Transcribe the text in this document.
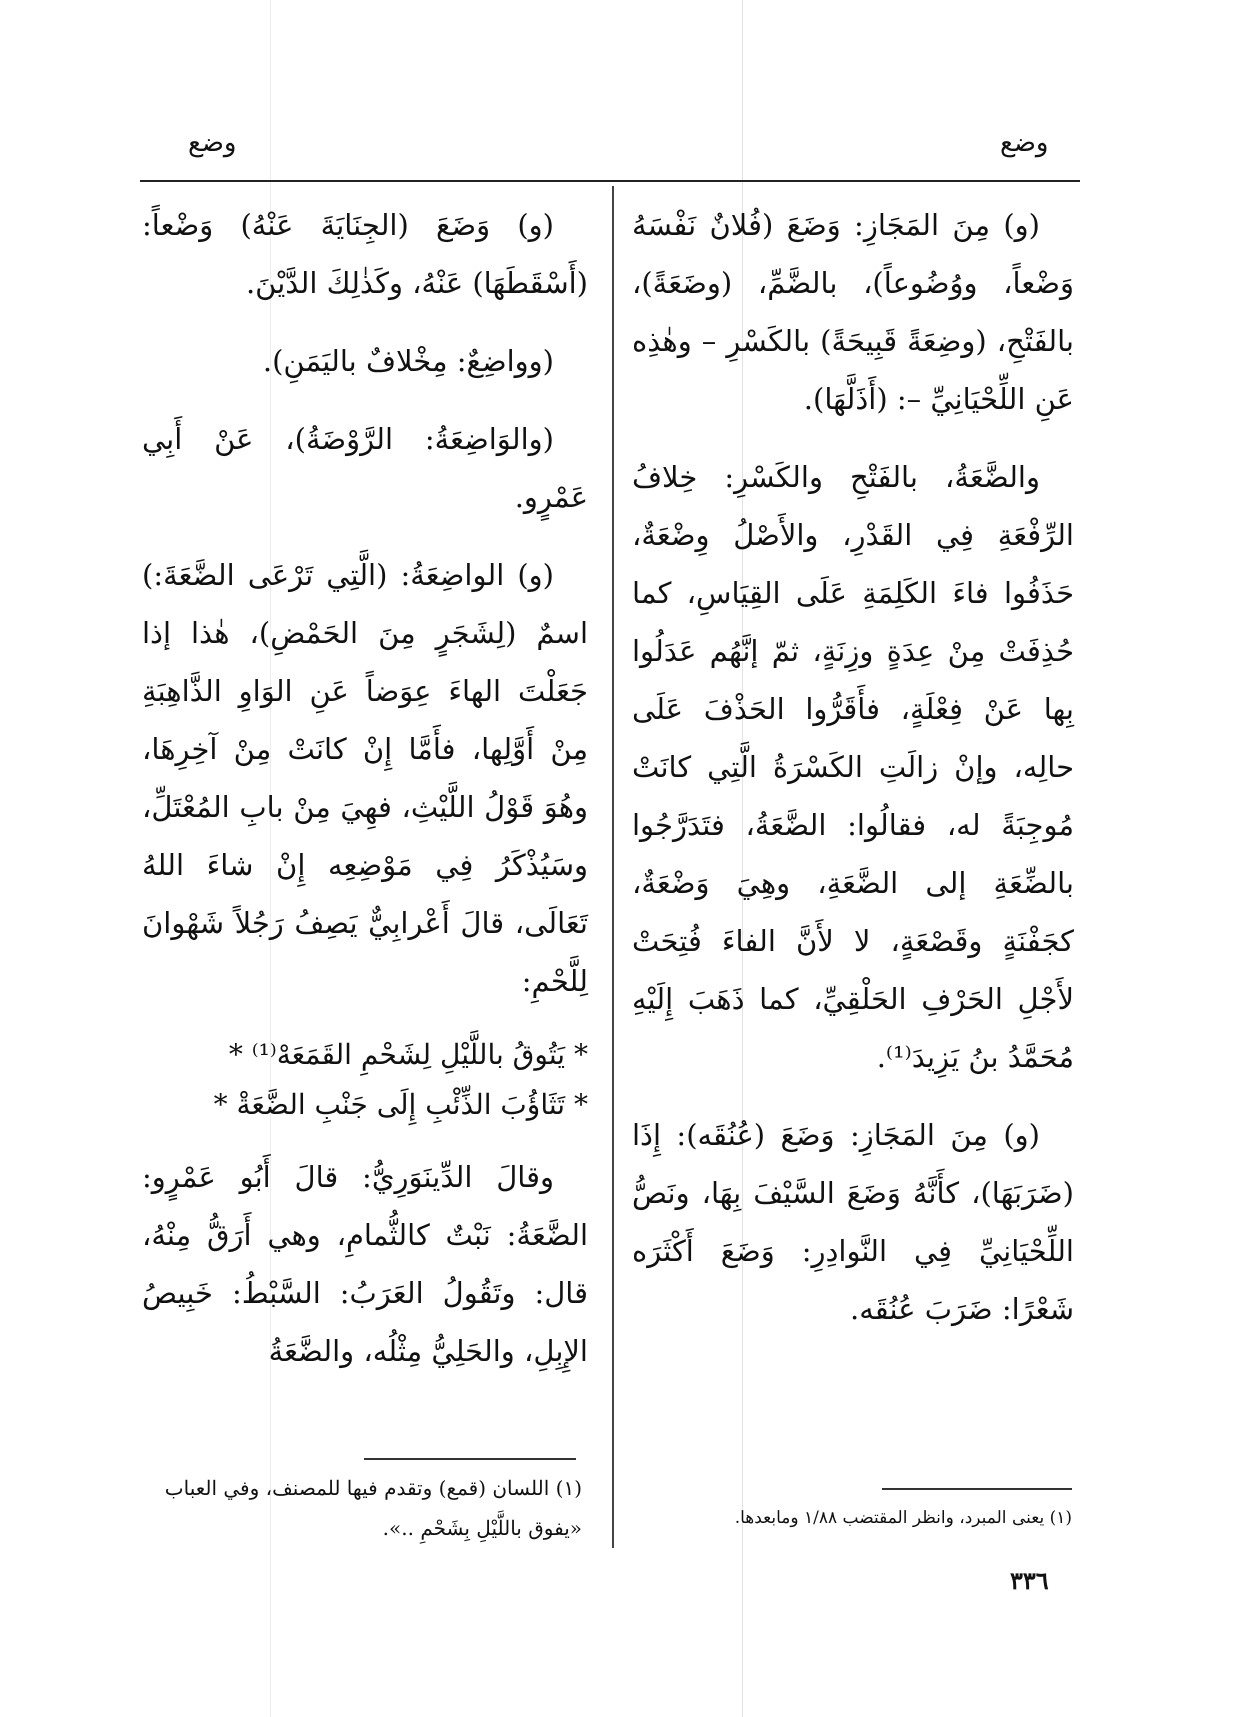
وضع
وضع

(و) مِنَ المَجَازِ: وَضَعَ (فُلانٌ نَفْسَهُ وَضْعاً، ووُضُوعاً)، بالضَّمِّ، (وضَعَةً)، بالفَتْحِ، (وضِعَةً قَبِيحَةً) بالكَسْرِ – وهٰذِه عَنِ اللِّحْيَانِيِّ –: (أَذَلَّهَا).

والضَّعَةُ، بالفَتْحِ والكَسْرِ: خِلافُ الرِّفْعَةِ فِي القَدْرِ، والأَصْلُ وِضْعَةٌ، حَذَفُوا فاءَ الكَلِمَةِ عَلَى القِيَاسِ، كما حُذِفَتْ مِنْ عِدَةٍ وزِنَةٍ، ثمّ إنَّهُم عَدَلُوا بِها عَنْ فِعْلَةٍ، فأَقَرُّوا الحَذْفَ عَلَى حالِه، وإنْ زالَتِ الكَسْرَةُ الَّتِي كانَتْ مُوجِبَةً له، فقالُوا: الضَّعَةُ، فتَدَرَّجُوا بالضِّعَةِ إلى الضَّعَةِ، وهِيَ وَضْعَةٌ، كجَفْنَةٍ وقَصْعَةٍ، لا لأَنَّ الفاءَ فُتِحَتْ لأَجْلِ الحَرْفِ الحَلْقِيِّ، كما ذَهَبَ إِلَيْهِ مُحَمَّدُ بنُ يَزِيدَ⁽¹⁾.

(و) مِنَ المَجَازِ: وَضَعَ (عُنُقَه): إِذَا (ضَرَبَهَا)، كأَنَّهُ وَضَعَ السَّيْفَ بِهَا، ونَصُّ اللِّحْيَانِيِّ فِي النَّوادِرِ: وَضَعَ أَكْثَرَه شَعْرًا: ضَرَبَ عُنُقَه.

(و) وَضَعَ (الجِنَايَةَ عَنْهُ) وَضْعاً: (أَسْقَطَهَا) عَنْهُ، وكَذٰلِكَ الدَّيْنَ.

(وواضِعٌ: مِخْلافٌ باليَمَنِ).

(والوَاضِعَةُ: الرَّوْضَةُ)، عَنْ أَبِي عَمْرٍو.

(و) الواضِعَةُ: (الَّتِي تَرْعَى الضَّعَةَ:) اسمٌ (لِشَجَرٍ مِنَ الحَمْضِ)، هٰذا إذا جَعَلْتَ الهاءَ عِوَضاً عَنِ الوَاوِ الذَّاهِبَةِ مِنْ أَوَّلِها، فأَمَّا إِنْ كانَتْ مِنْ آخِرِهَا، وهُوَ قَوْلُ اللَّيْثِ، فهِيَ مِنْ بابِ المُعْتَلِّ، وسَيُذْكَرُ فِي مَوْضِعِه إِنْ شاءَ اللهُ تَعَالَى، قالَ أَعْرابِيٌّ يَصِفُ رَجُلاً شَهْوانَ لِلَّحْمِ:

* يَتُوقُ باللَّيْلِ لِشَحْمِ القَمَعَهْ⁽¹⁾ *

* تَثَاؤُبَ الذِّئْبِ إِلَى جَنْبِ الضَّعَةْ *

وقالَ الدِّينَوَرِيُّ: قالَ أَبُو عَمْرٍو: الضَّعَةُ: نَبْتٌ كالثُّمامِ، وهي أَرَقُّ مِنْهُ، قال: وتَقُولُ العَرَبُ: السَّبْطُ: خَبِيصُ الإِبِلِ، والحَلِيُّ مِثْلُه، والضَّعَةُ

(١) يعنى المبرد، وانظر المقتضب ١/٨٨ ومابعدها.
(١) اللسان (قمع) وتقدم فيها للمصنف، وفي العباب «يفوق باللَّيْلِ بِشَحْمِ ..».
٣٣٦
